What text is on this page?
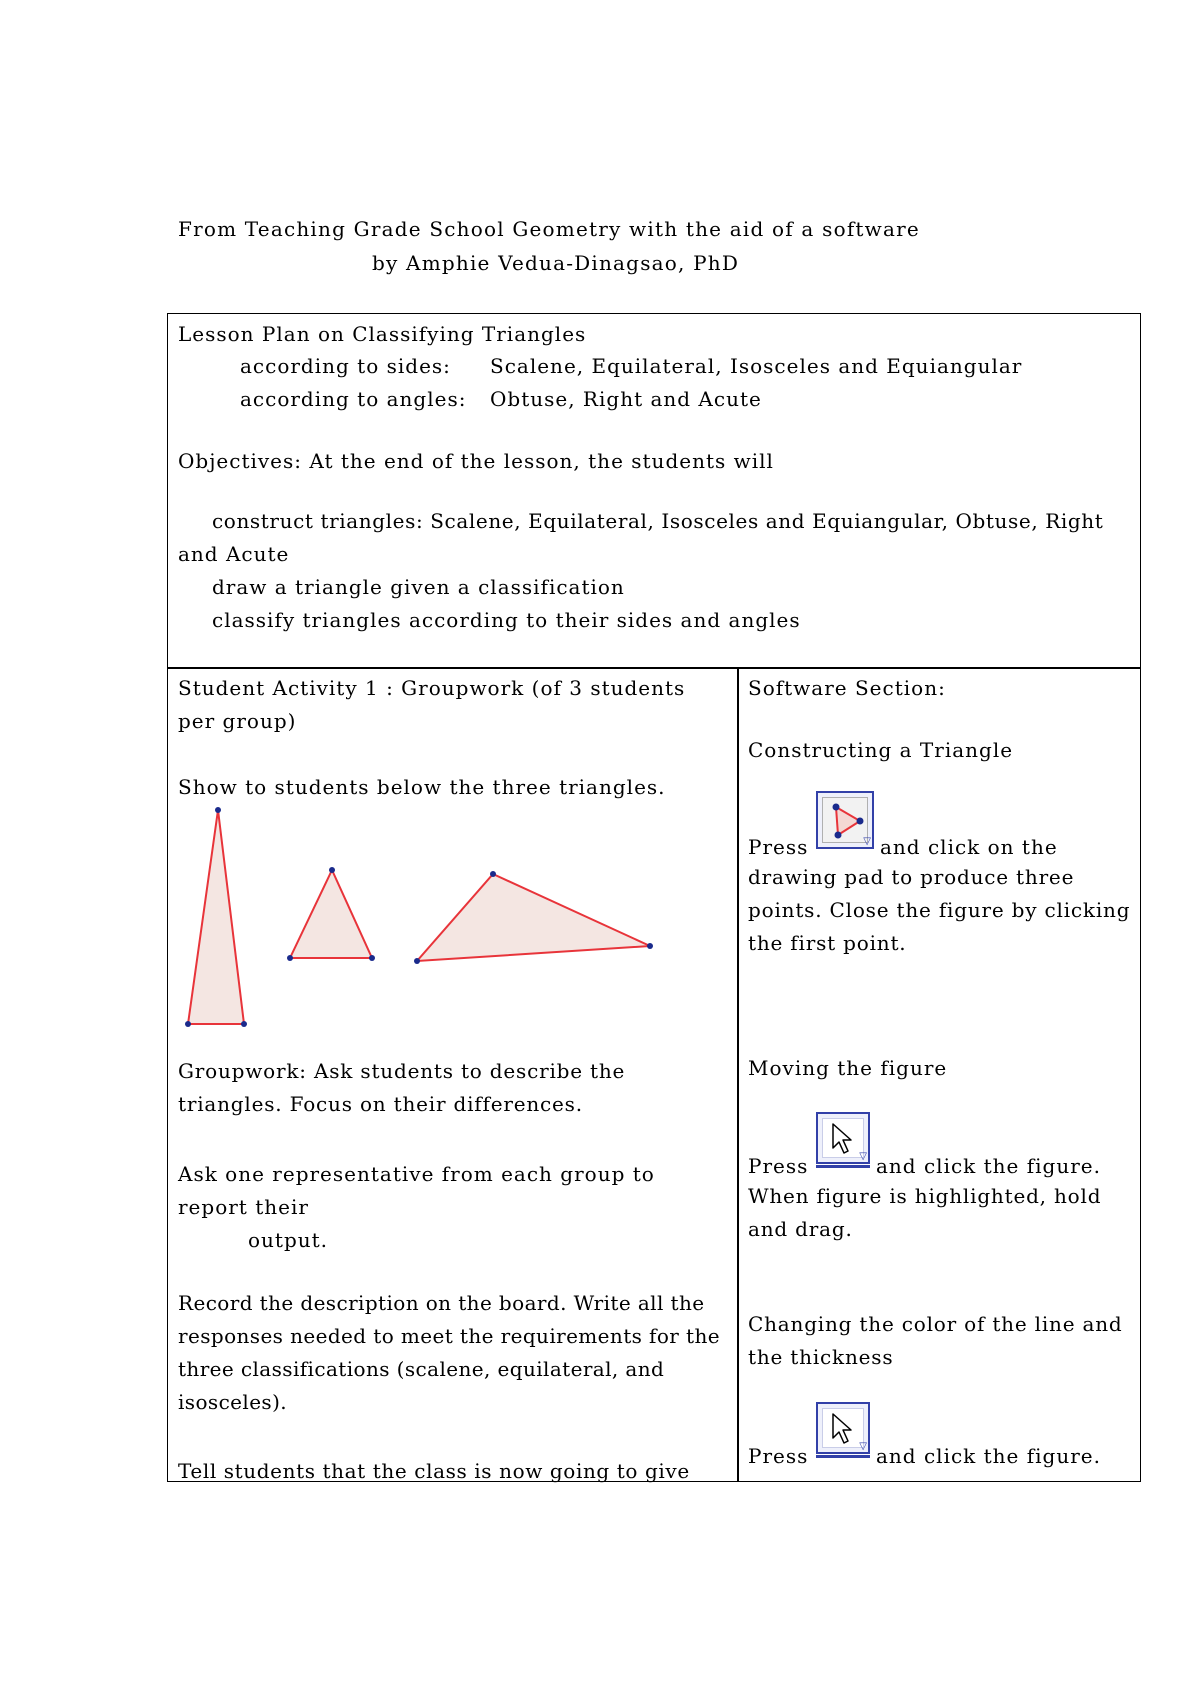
From Teaching Grade School Geometry with the aid of a software
by Amphie Vedua-Dinagsao, PhD
Lesson Plan on Classifying Triangles
according to sides: Scalene, Equilateral, Isosceles and Equiangular
according to angles: Obtuse, Right and Acute
Objectives: At the end of the lesson, the students will
construct triangles: Scalene, Equilateral, Isosceles and Equiangular, Obtuse, Right
and Acute
draw a triangle given a classification
classify triangles according to their sides and angles
Student Activity 1 : Groupwork (of 3 students
per group)
Show to students below the three triangles.
Groupwork: Ask students to describe the triangles. Focus on their differences.
Ask one representative from each group to
report their
output.
Record the description on the board. Write all the responses needed to meet the requirements for the three classifications (scalene, equilateral, and isosceles).
Tell students that the class is now going to give
Software Section:
Constructing a Triangle
▽
Press	and click on the
drawing pad to produce three points. Close the figure by clicking the first point.
Moving the figure
▽
Press	and click the figure.
When figure is highlighted, hold and drag.
Changing the color of the line and the thickness
▽
Press	and click the figure.
